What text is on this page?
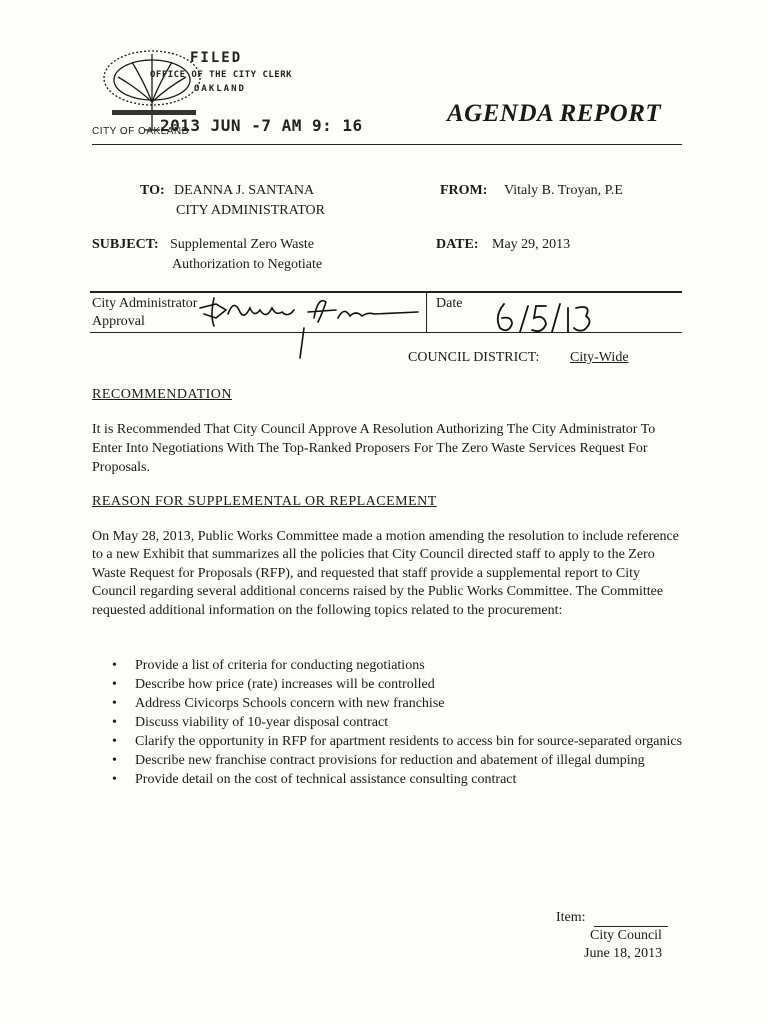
FILED
OFFICE OF THE CITY CLERK
OAKLAND
CITY OF OAKLAND
2013 JUN -7 AM 9: 16	AGENDA REPORT
TO: DEANNA J. SANTANA
CITY ADMINISTRATOR
FROM: Vitaly B. Troyan, P.E
SUBJECT: Supplemental Zero Waste
Authorization to Negotiate
DATE: May 29, 2013
City Administrator
Approval
Date
COUNCIL DISTRICT: City-Wide
RECOMMENDATION
It is Recommended That City Council Approve A Resolution Authorizing The City Administrator To Enter Into Negotiations With The Top-Ranked Proposers For The Zero Waste Services Request For Proposals.
REASON FOR SUPPLEMENTAL OR REPLACEMENT
On May 28, 2013, Public Works Committee made a motion amending the resolution to include reference to a new Exhibit that summarizes all the policies that City Council directed staff to apply to the Zero Waste Request for Proposals (RFP), and requested that staff provide a supplemental report to City Council regarding several additional concerns raised by the Public Works Committee. The Committee requested additional information on the following topics related to the procurement:
• Provide a list of criteria for conducting negotiations
• Describe how price (rate) increases will be controlled
• Address Civicorps Schools concern with new franchise
• Discuss viability of 10-year disposal contract
• Clarify the opportunity in RFP for apartment residents to access bin for source-separated organics
• Describe new franchise contract provisions for reduction and abatement of illegal dumping
• Provide detail on the cost of technical assistance consulting contract
Item:
City Council
June 18, 2013
